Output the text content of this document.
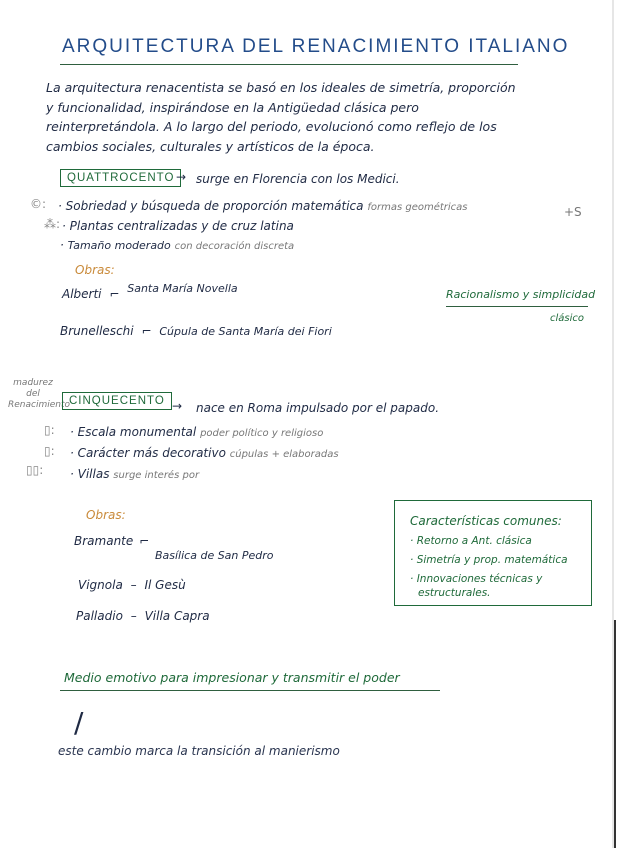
ARQUITECTURA DEL RENACIMIENTO ITALIANO
La arquitectura renacentista se basó en los ideales de simetría, proporción y funcionalidad, inspirándose en la Antigüedad clásica pero reinterpretándola. A lo largo del periodo, evolucionó como reflejo de los cambios sociales, culturales y artísticos de la época.
QUATTROCENTO → surge en Florencia con los Medici.
©:
⁂:
· Sobriedad y búsqueda de proporción matemática formas geométricas
· Plantas centralizadas y de cruz latina
· Tamaño moderado con decoración discreta
+S
Obras:
Alberti ⌐ Santa María Novella
Brunelleschi ⌐ Cúpula de Santa María dei Fiori
Racionalismo y simplicidad
clásico
madurez
del
Renacimiento
CINQUECENTO → nace en Roma impulsado por el papado.
▯:
▯:
▯▯:
· Escala monumental poder político y religioso
· Carácter más decorativo cúpulas + elaboradas
· Villas surge interés por
Obras:
Bramante ⌐ Basílica de San Pedro
Vignola – Il Gesù
Palladio – Villa Capra
Características comunes:
· Retorno a Ant. clásica
· Simetría y prop. matemática
· Innovaciones técnicas y
estructurales.
Medio emotivo para impresionar y transmitir el poder
/
este cambio marca la transición al manierismo
